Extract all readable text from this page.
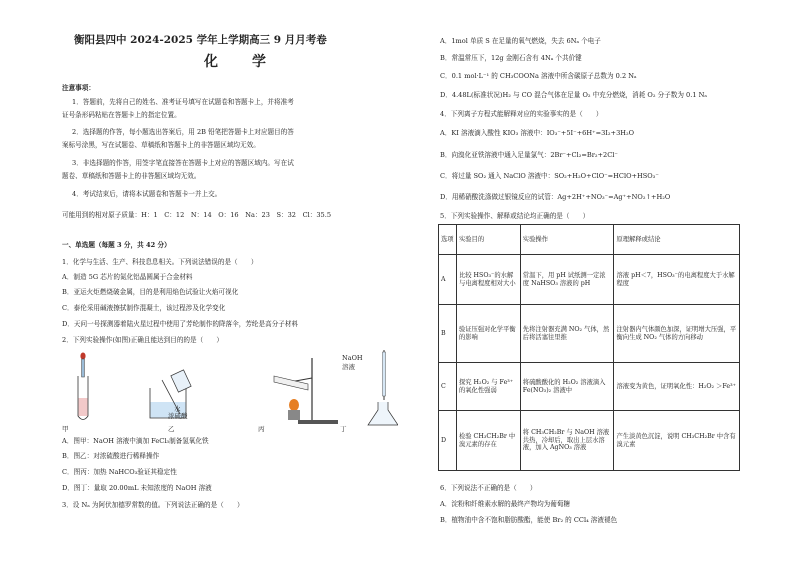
衡阳县四中 2024-2025 学年上学期高三 9 月月考卷
化　学
注意事项：
1．答题前，先将自己的姓名、准考证号填写在试题卷和答题卡上，并将准考
证号条形码粘贴在答题卡上的指定位置。
2．选择题的作答，每小题选出答案后，用 2B 铅笔把答题卡上对应题目的答
案标号涂黑，写在试题卷、草稿纸和答题卡上的非答题区域均无效。
3．非选择题的作答，用签字笔直接答在答题卡上对应的答题区域内。写在试
题卷、草稿纸和答题卡上的非答题区域均无效。
4．考试结束后，请将本试题卷和答题卡一并上交。
可能用到的相对原子质量：H：1　C：12　N：14　O：16　Na：23　S：32　Cl：35.5
一、单选题（每题 3 分，共 42 分）
1．化学与生活、生产、科技息息相关。下列说法错误的是（　　）
A．制造 5G 芯片的氮化铝晶圆属于合金材料
B．亚运火炬燃烧破金属，目的是利用焰色试验让火焰可视化
C．泰伦采用碱液擦拭制作混凝土，该过程涉及化学变化
D．天问一号探测器着陆火星过程中使用了芳纶制作的降落伞，芳纶是高分子材料
2．下列实验操作(如图)正确且能达到目的的是（　　）
水
浓硫酸
NaOH
溶液
甲	乙	丙	丁
A．图甲：NaOH 溶液中滴加 FeCl₃制备氢氧化铁
B．图乙：对浓硫酸进行稀释操作
C．图丙：加热 NaHCO₃验证其稳定性
D．图丁：量取 20.00mL 未知浓度的 NaOH 溶液
3．设 Nₐ 为阿伏加德罗常数的值。下列说法正确的是（　　）
A．1mol 单质 S 在足量的氧气燃烧，失去 6Nₐ 个电子
B．常温常压下，12g 金刚石含有 4Nₐ 个共价键
C．0.1 mol·L⁻¹ 的 CH₃COONa 溶液中所含碳原子总数为 0.2 Nₐ
D．4.48L(标准状况)H₂ 与 CO 混合气体在足量 O₂ 中充分燃烧，消耗 O₂ 分子数为 0.1 Nₐ
4．下列离子方程式能解释对应的实验事实的是（　　）
A．KI 溶液滴入酸性 KIO₃ 溶液中：IO₃⁻+5I⁻+6H⁺=3I₂+3H₂O
B．向溴化亚铁溶液中通入足量氯气：2Br⁻+Cl₂=Br₂+2Cl⁻
C．将过量 SO₂ 通入 NaClO 溶液中：SO₂+H₂O+ClO⁻=HClO+HSO₃⁻
D．用稀硝酸洗涤做过银镜反应的试管：Ag+2H⁺+NO₃⁻=Ag⁺+NO₂↑+H₂O
5．下列实验操作、解释或结论均正确的是（　　）
选项	实验目的	实验操作	原理解释或结论
A	比较 HSO₃⁻的水解与电离程度相对大小	常温下，用 pH 试纸测一定浓度 NaHSO₃ 溶液的 pH	溶液 pH＜7，HSO₃⁻的电离程度大于水解程度
B	验证压强对化学平衡的影响	先将注射器充满 NO₂ 气体，然后将活塞往里推	注射器内气体颜色加深，证明增大压强，平衡向生成 NO₂ 气体的方向移动
C	探究 H₂O₂ 与 Fe³⁺ 的氧化性强弱	将硫酸酸化的 H₂O₂ 溶液滴入 Fe(NO₃)₂ 溶液中	溶液变为黄色，证明氧化性：H₂O₂ ＞Fe³⁺
D	检验 CH₃CH₂Br 中溴元素的存在	将 CH₃CH₂Br 与 NaOH 溶液共热，冷却后，取出上层水溶液，加入 AgNO₃ 溶液	产生淡黄色沉淀，说明 CH₃CH₂Br 中含有溴元素
6．下列说法不正确的是（　　）
A．淀粉和纤维素水解的最终产物均为葡萄糖
B．植物油中含不饱和脂肪酸酯，能使 Br₂ 的 CCl₄ 溶液褪色
